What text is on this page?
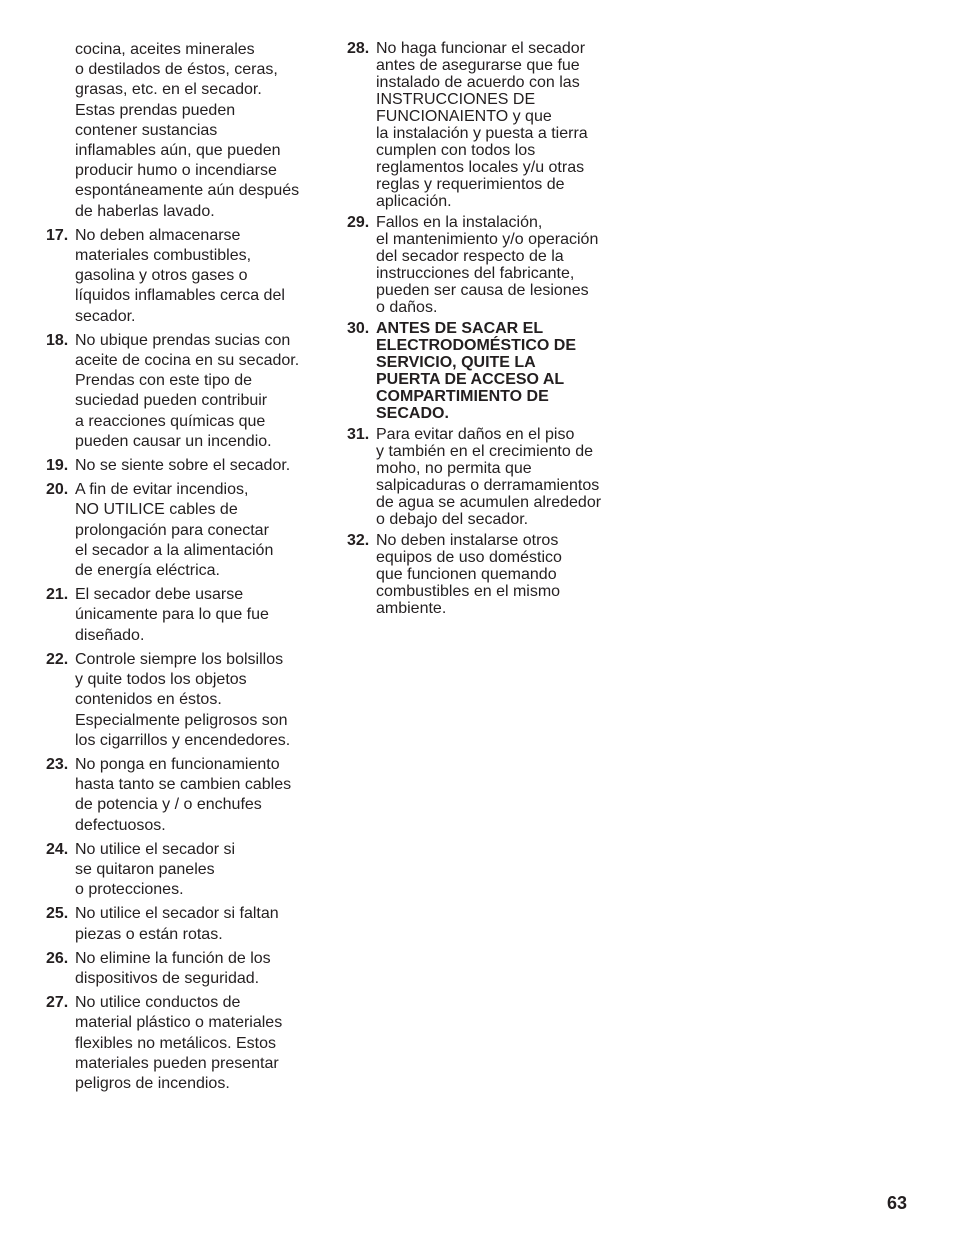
cocina, aceites minerales
o destilados de éstos, ceras,
grasas, etc. en el secador.
Estas prendas pueden
contener sustancias
inflamables aún, que pueden
producir humo o incendiarse
espontáneamente aún después
de haberlas lavado.
17. No deben almacenarse
materiales combustibles,
gasolina y otros gases o
líquidos inflamables cerca del
secador.
18. No ubique prendas sucias con
aceite de cocina en su secador.
Prendas con este tipo de
suciedad pueden contribuir
a reacciones químicas que
pueden causar un incendio.
19. No se siente sobre el secador.
20. A fin de evitar incendios,
NO UTILICE cables de
prolongación para conectar
el secador a la alimentación
de energía eléctrica.
21. El secador debe usarse
únicamente para lo que fue
diseñado.
22. Controle siempre los bolsillos
y quite todos los objetos
contenidos en éstos.
Especialmente peligrosos son
los cigarrillos y encendedores.
23. No ponga en funcionamiento
hasta tanto se cambien cables
de potencia y / o enchufes
defectuosos.
24. No utilice el secador si
se quitaron paneles
o protecciones.
25. No utilice el secador si faltan
piezas o están rotas.
26. No elimine la función de los
dispositivos de seguridad.
27. No utilice conductos de
material plástico o materiales
flexibles no metálicos. Estos
materiales pueden presentar
peligros de incendios.
28. No haga funcionar el secador
antes de asegurarse que fue
instalado de acuerdo con las
INSTRUCCIONES DE
FUNCIONAIENTO y que
la instalación y puesta a tierra
cumplen con todos los
reglamentos locales y/u otras
reglas y requerimientos de
aplicación.
29. Fallos en la instalación,
el mantenimiento y/o operación
del secador respecto de la
instrucciones del fabricante,
pueden ser causa de lesiones
o daños.
30. ANTES DE SACAR EL
ELECTRODOMÉSTICO DE
SERVICIO, QUITE LA
PUERTA DE ACCESO AL
COMPARTIMIENTO DE
SECADO.
31. Para evitar daños en el piso
y también en el crecimiento de
moho, no permita que
salpicaduras o derramamientos
de agua se acumulen alrededor
o debajo del secador.
32. No deben instalarse otros
equipos de uso doméstico
que funcionen quemando
combustibles en el mismo
ambiente.
63
